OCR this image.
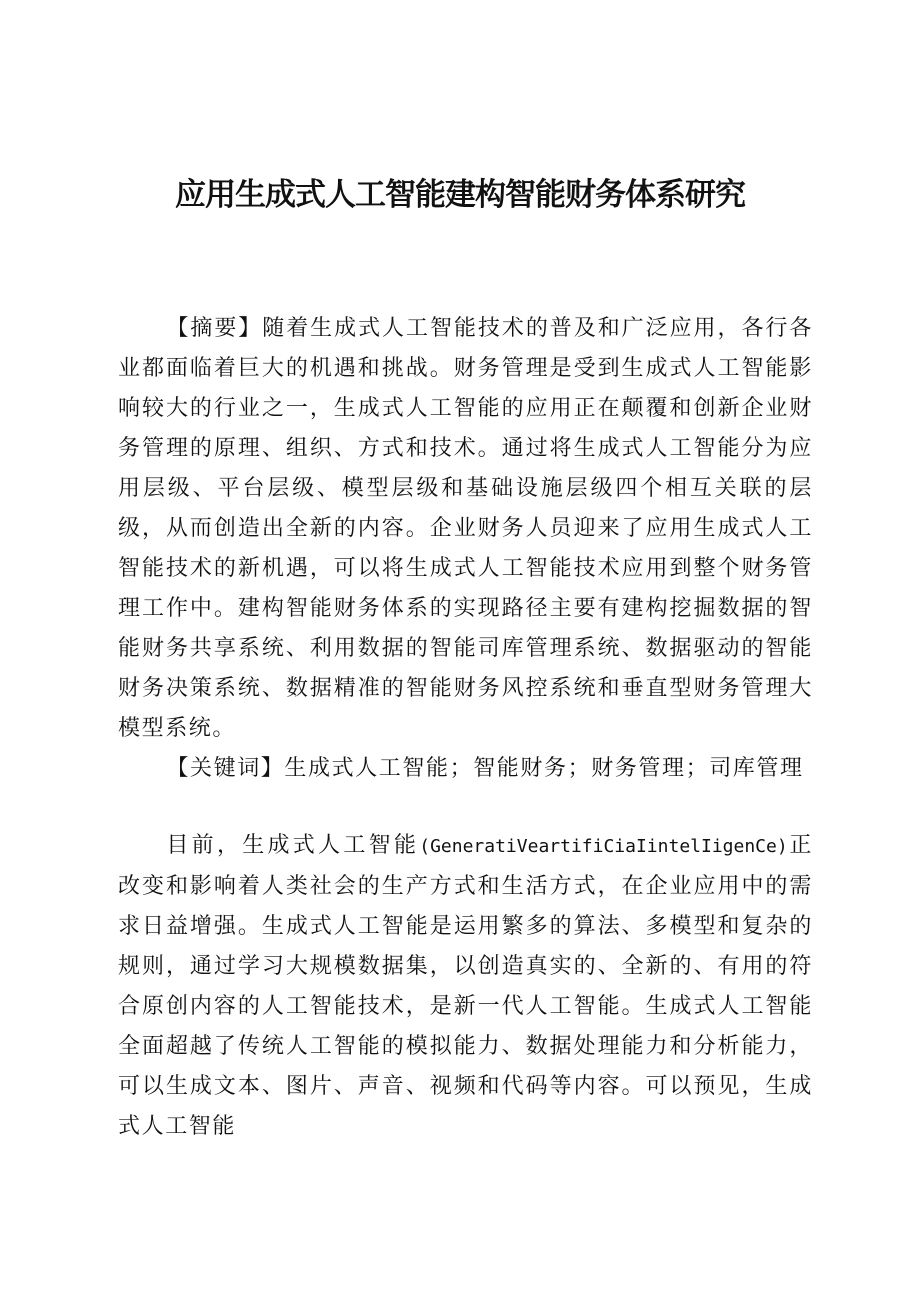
应用生成式人工智能建构智能财务体系研究

【摘要】随着生成式人工智能技术的普及和广泛应用，各行各业都面临着巨大的机遇和挑战。财务管理是受到生成式人工智能影响较大的行业之一，生成式人工智能的应用正在颠覆和创新企业财务管理的原理、组织、方式和技术。通过将生成式人工智能分为应用层级、平台层级、模型层级和基础设施层级四个相互关联的层级，从而创造出全新的内容。企业财务人员迎来了应用生成式人工智能技术的新机遇，可以将生成式人工智能技术应用到整个财务管理工作中。建构智能财务体系的实现路径主要有建构挖掘数据的智能财务共享系统、利用数据的智能司库管理系统、数据驱动的智能财务决策系统、数据精准的智能财务风控系统和垂直型财务管理大模型系统。

【关键词】生成式人工智能；智能财务；财务管理；司库管理

目前，生成式人工智能(GeneratiVeartifiCiaIintelIigenCe)正改变和影响着人类社会的生产方式和生活方式，在企业应用中的需求日益增强。生成式人工智能是运用繁多的算法、多模型和复杂的规则，通过学习大规模数据集，以创造真实的、全新的、有用的符合原创内容的人工智能技术，是新一代人工智能。生成式人工智能全面超越了传统人工智能的模拟能力、数据处理能力和分析能力，可以生成文本、图片、声音、视频和代码等内容。可以预见，生成式人工智能
